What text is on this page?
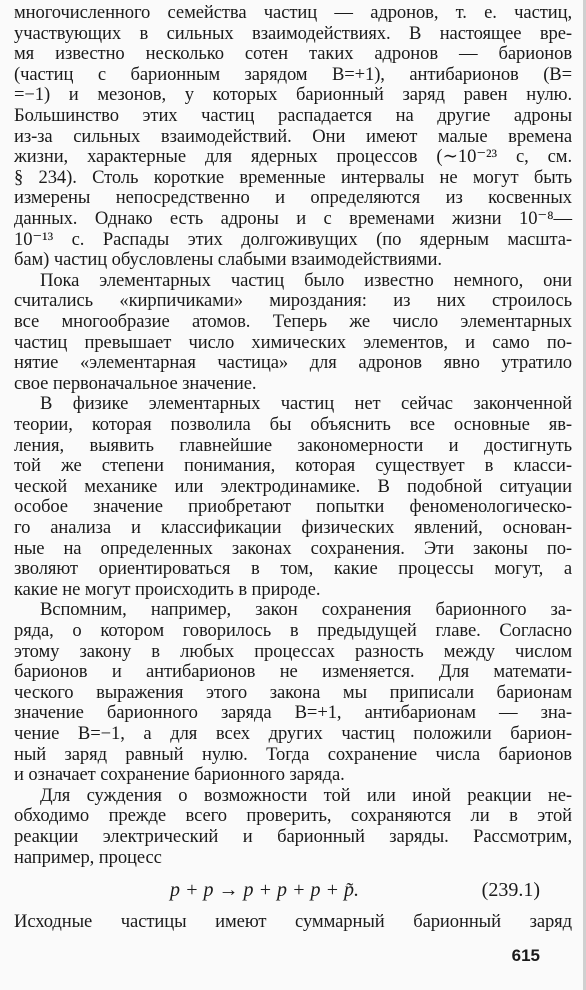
многочисленного семейства частиц — адронов, т. е. частиц,
участвующих в сильных взаимодействиях. В настоящее вре-
мя известно несколько сотен таких адронов — барионов
(частиц с барионным зарядом B=+1), антибарионов (B=
=−1) и мезонов, у которых барионный заряд равен нулю.
Большинство этих частиц распадается на другие адроны
из-за сильных взаимодействий. Они имеют малые времена
жизни, характерные для ядерных процессов (∼10⁻²³ с, см.
§ 234). Столь короткие временные интервалы не могут быть
измерены непосредственно и определяются из косвенных
данных. Однако есть адроны и с временами жизни 10⁻⁸—
10⁻¹³ с. Распады этих долгоживущих (по ядерным масшта-
бам) частиц обусловлены слабыми взаимодействиями.
Пока элементарных частиц было известно немного, они
считались «кирпичиками» мироздания: из них строилось
все многообразие атомов. Теперь же число элементарных
частиц превышает число химических элементов, и само по-
нятие «элементарная частица» для адронов явно утратило
свое первоначальное значение.
В физике элементарных частиц нет сейчас законченной
теории, которая позволила бы объяснить все основные яв-
ления, выявить главнейшие закономерности и достигнуть
той же степени понимания, которая существует в класси-
ческой механике или электродинамике. В подобной ситуации
особое значение приобретают попытки феноменологическо-
го анализа и классификации физических явлений, основан-
ные на определенных законах сохранения. Эти законы по-
зволяют ориентироваться в том, какие процессы могут, а
какие не могут происходить в природе.
Вспомним, например, закон сохранения барионного за-
ряда, о котором говорилось в предыдущей главе. Согласно
этому закону в любых процессах разность между числом
барионов и антибарионов не изменяется. Для математи-
ческого выражения этого закона мы приписали барионам
значение барионного заряда B=+1, антибарионам — зна-
чение B=−1, а для всех других частиц положили барион-
ный заряд равный нулю. Тогда сохранение числа барионов
и означает сохранение барионного заряда.
Для суждения о возможности той или иной реакции не-
обходимо прежде всего проверить, сохраняются ли в этой
реакции электрический и барионный заряды. Рассмотрим,
например, процесс
p + p → p + p + p + p̃.	(239.1)
Исходные частицы имеют суммарный барионный заряд
615
